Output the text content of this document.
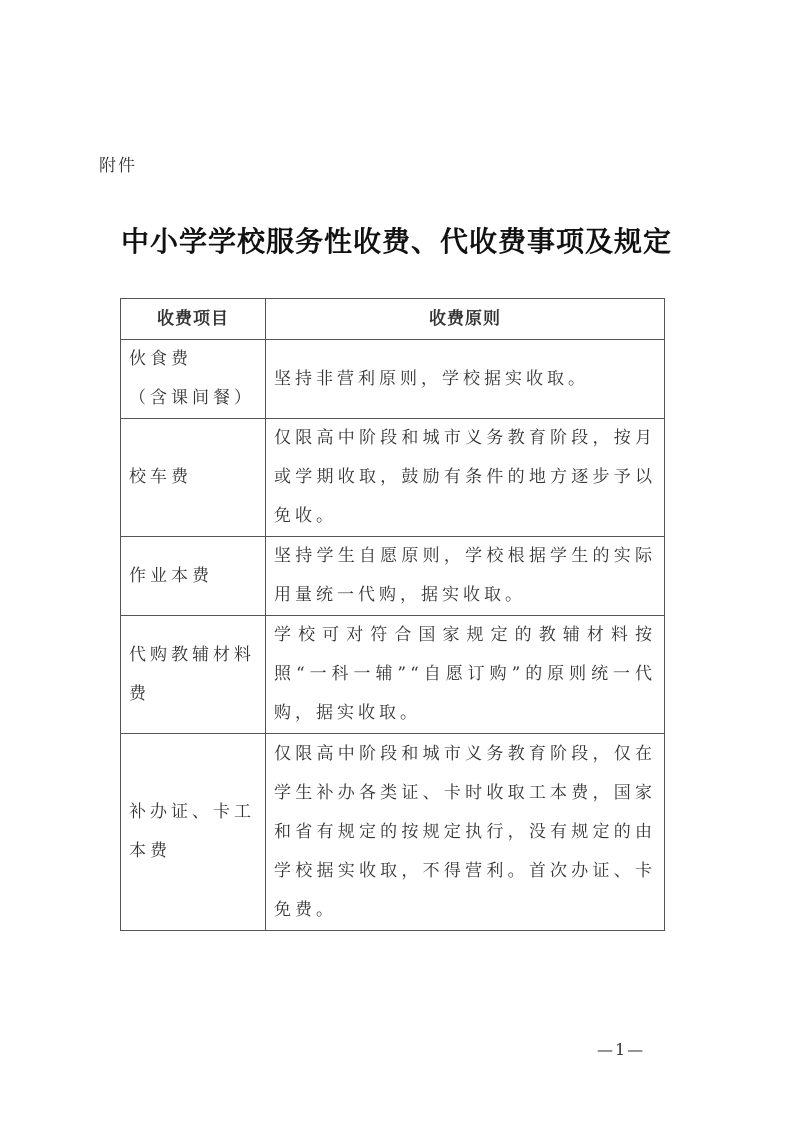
附件
中小学学校服务性收费、代收费事项及规定
收费项目	收费原则

伙食费
（含课间餐）	坚持非营利原则，学校据实收取。

校车费	仅限高中阶段和城市义务教育阶段，按月或学期收取，鼓励有条件的地方逐步予以免收。

作业本费	坚持学生自愿原则，学校根据学生的实际用量统一代购，据实收取。

代购教辅材料
费	学校可对符合国家规定的教辅材料按照“一科一辅”“自愿订购”的原则统一代购，据实收取。

补办证、卡工
本费	仅限高中阶段和城市义务教育阶段，仅在学生补办各类证、卡时收取工本费，国家和省有规定的按规定执行，没有规定的由学校据实收取，不得营利。首次办证、卡免费。
—1—
